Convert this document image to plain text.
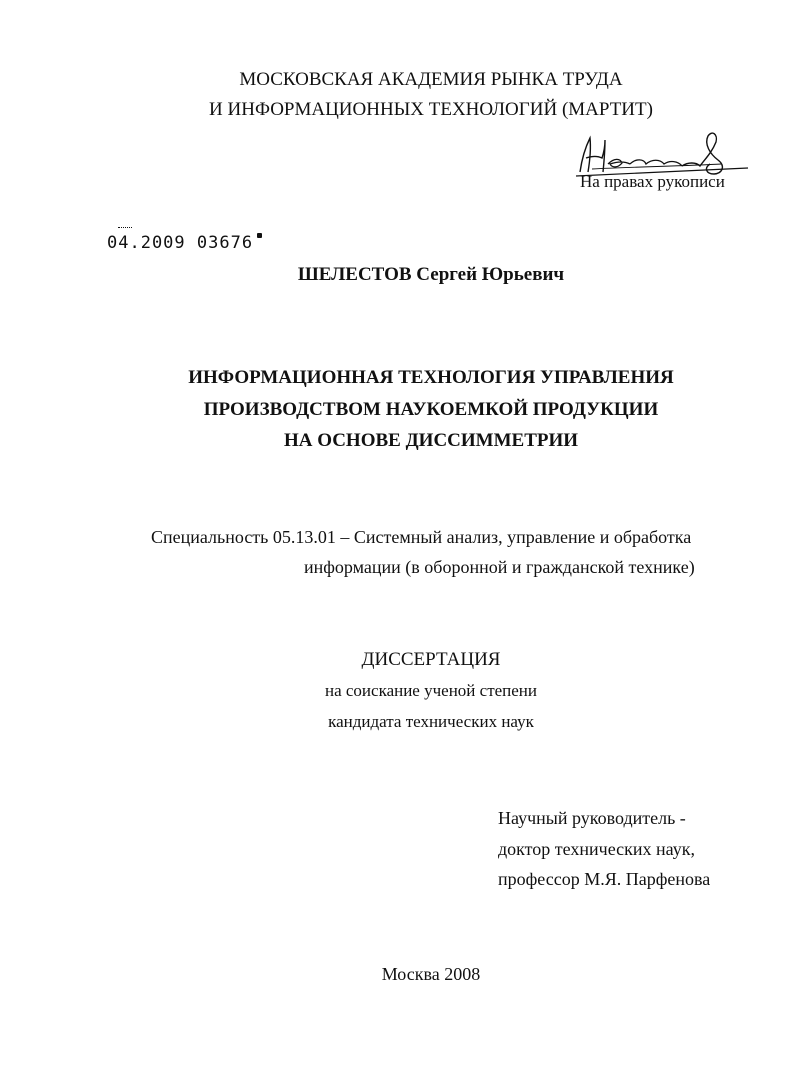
МОСКОВСКАЯ АКАДЕМИЯ РЫНКА ТРУДА
И ИНФОРМАЦИОННЫХ ТЕХНОЛОГИЙ (МАРТИТ)
На правах рукописи
04.2009 03676
ШЕЛЕСТОВ Сергей Юрьевич
ИНФОРМАЦИОННАЯ ТЕХНОЛОГИЯ УПРАВЛЕНИЯ
ПРОИЗВОДСТВОМ НАУКОЕМКОЙ ПРОДУКЦИИ
НА ОСНОВЕ ДИССИММЕТРИИ
Специальность 05.13.01 – Системный анализ, управление и обработка
информации (в оборонной и гражданской технике)
ДИССЕРТАЦИЯ
на соискание ученой степени
кандидата технических наук
Научный руководитель -
доктор технических наук,
профессор М.Я. Парфенова
Москва 2008
